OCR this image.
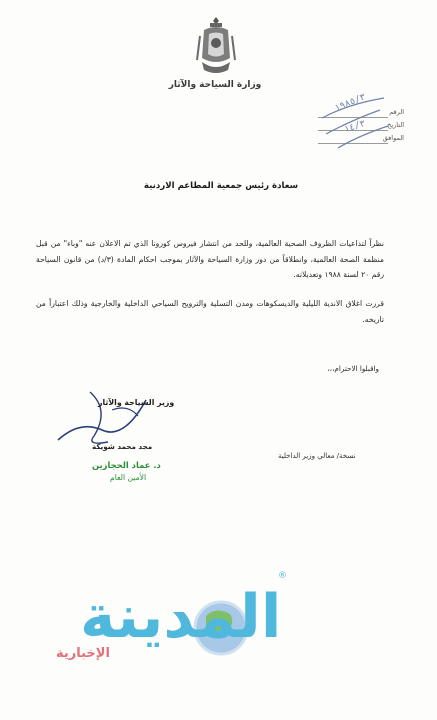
وزارة السياحة والآثار
الرقم
التاريخ
الموافق
١٩٨٥/٣
١٤/٣
سعادة رئيس جمعية المطاعم الاردنية
نظراً لتداعيات الظروف الصحية العالمية، وللحد من انتشار فيروس كورونا الذي تم الاعلان عنه "وباء" من قبل منظمة الصحة العالمية، وانطلاقاً من دور وزارة السياحة والآثار بموجب احكام المادة (٣/د) من قانون السياحة رقم ٢٠ لسنة ١٩٨٨ وتعديلاته.
قررت اغلاق الاندية الليلية والديسكوهات ومدن التسلية والترويح السياحي الداخلية والخارجية وذلك اعتباراً من تاريخه.
واقبلوا الاحترام،،،
وزير السياحة والآثار
مجد محمد شويكة
د. عماد الحجازين
الأمين العام
نسخة/ معالي وزير الداخلية
المدينة
الإخبارية
®
